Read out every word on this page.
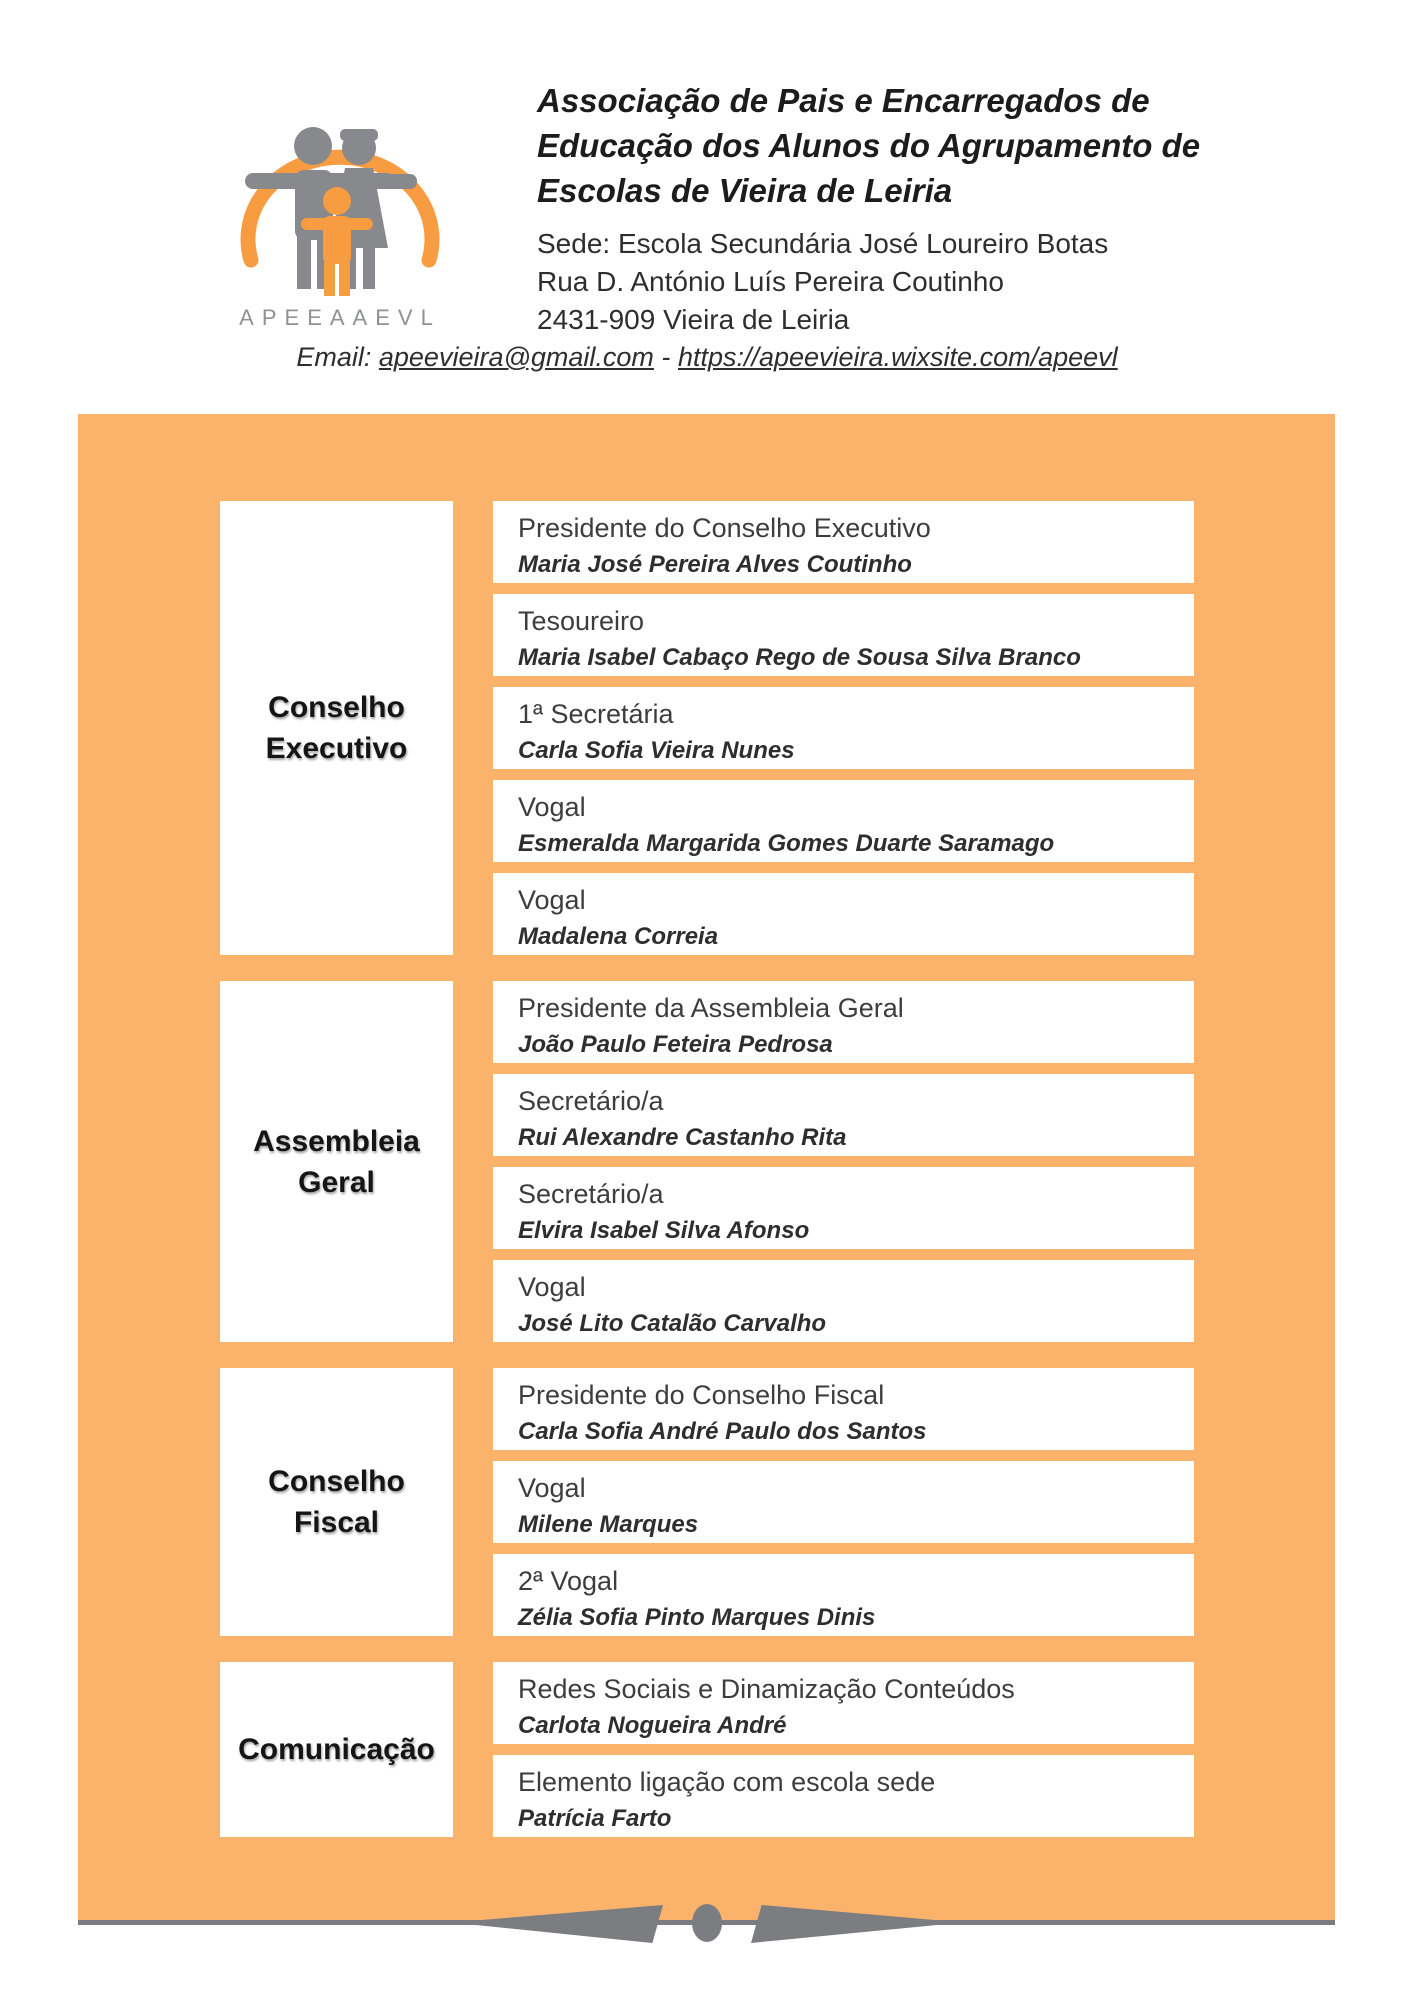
APEEAAEVL
Associação de Pais e Encarregados de
Educação dos Alunos do Agrupamento de
Escolas de Vieira de Leiria
Sede: Escola Secundária José Loureiro Botas
Rua D. António Luís Pereira Coutinho
2431-909 Vieira de Leiria
Email: apeevieira@gmail.com - https://apeevieira.wixsite.com/apeevl
Conselho Executivo
Presidente do Conselho Executivo
Maria José Pereira Alves Coutinho
Tesoureiro
Maria Isabel Cabaço Rego de Sousa Silva Branco
1ª Secretária
Carla Sofia Vieira Nunes
Vogal
Esmeralda Margarida Gomes Duarte Saramago
Vogal
Madalena Correia
Assembleia Geral
Presidente da Assembleia Geral
João Paulo Feteira Pedrosa
Secretário/a
Rui Alexandre Castanho Rita
Secretário/a
Elvira Isabel Silva Afonso
Vogal
José Lito Catalão Carvalho
Conselho Fiscal
Presidente do Conselho Fiscal
Carla Sofia André Paulo dos Santos
Vogal
Milene Marques
2ª Vogal
Zélia Sofia Pinto Marques Dinis
Comunicação
Redes Sociais e Dinamização Conteúdos
Carlota Nogueira André
Elemento ligação com escola sede
Patrícia Farto
